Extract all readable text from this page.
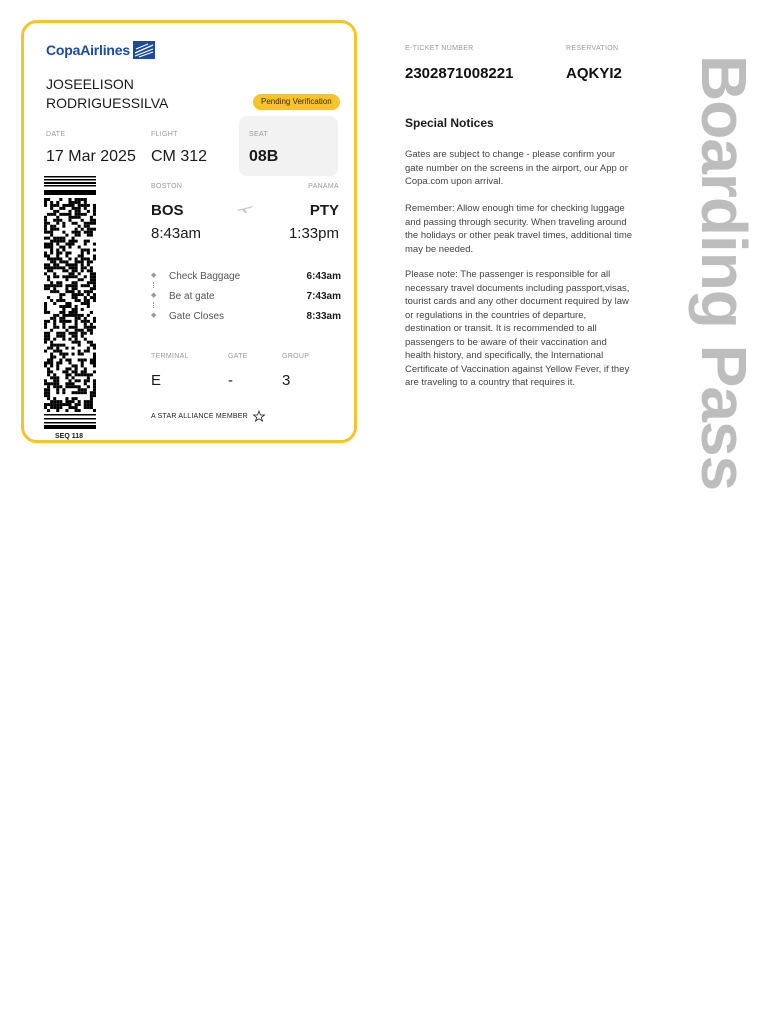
CopaAirlines
JOSEELISON
RODRIGUESSILVA	Pending Verification
DATE
17 Mar 2025
FLIGHT
CM 312
SEAT
08B
SEQ 118
BOSTON	PANAMA
BOS	PTY
8:43am	1:33pm
◆ Check Baggage	6:43am
◆ Be at gate	7:43am
◆ Gate Closes	8:33am
TERMINAL	GATE	GROUP
E	-	3
A STAR ALLIANCE MEMBER
E-TICKET NUMBER
2302871008221
RESERVATION
AQKYI2
Special Notices
Gates are subject to change - please confirm your gate number on the screens in the airport, our App or Copa.com upon arrival.
Remember: Allow enough time for checking luggage and passing through security. When traveling around the holidays or other peak travel times, additional time may be needed.
Please note: The passenger is responsible for all necessary travel documents including passport,visas, tourist cards and any other document required by law or regulations in the countries of departure, destination or transit. It is recommended to all passengers to be aware of their vaccination and health history, and specifically, the International Certificate of Vaccination against Yellow Fever, if they are traveling to a country that requires it.	Boarding Pass
